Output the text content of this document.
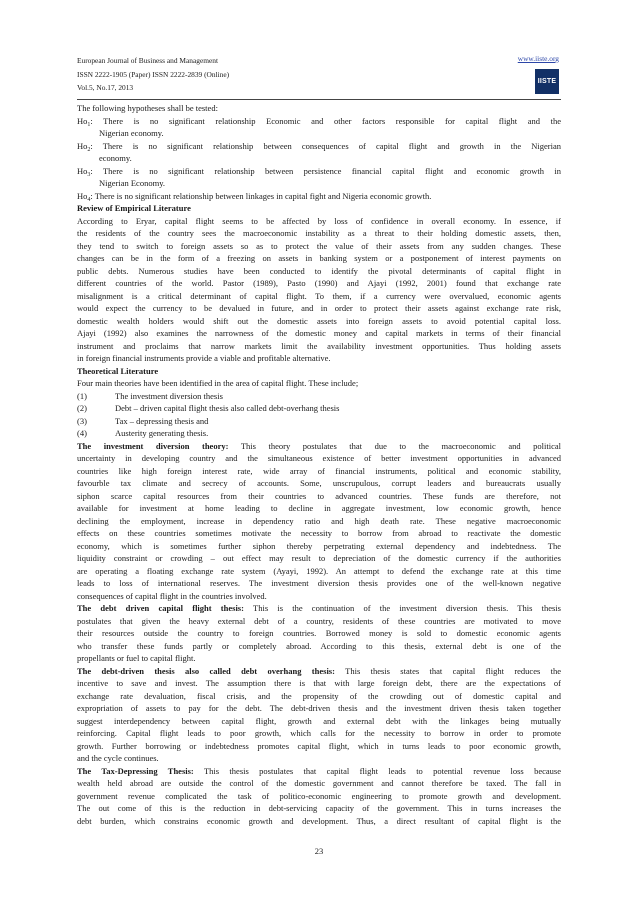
European Journal of Business and Management
ISSN 2222-1905 (Paper) ISSN 2222-2839 (Online)
Vol.5, No.17, 2013
www.iiste.org
IISTE
The following hypotheses shall be tested:
$Ho_1$: There is no significant relationship Economic and other factors responsible for capital flight and the
Nigerian economy.
$Ho_2$: There is no significant relationship between consequences of capital flight and growth in the Nigerian
economy.
$Ho_3$: There is no significant relationship between persistence financial capital flight and economic growth in
Nigerian Economy.
$Ho_4$: There is no significant relationship between linkages in capital fight and Nigeria economic growth.
Review of Empirical Literature
According to Eryar, capital flight seems to be affected by loss of confidence in overall economy. In essence, if
the residents of the country sees the macroeconomic instability as a threat to their holding domestic assets, then,
they tend to switch to foreign assets so as to protect the value of their assets from any sudden changes. These
changes can be in the form of a freezing on assets in banking system or a postponement of interest payments on
public debts. Numerous studies have been conducted to identify the pivotal determinants of capital flight in
different countries of the world. Pastor (1989), Pasto (1990) and Ajayi (1992, 2001) found that exchange rate
misalignment is a critical determinant of capital flight. To them, if a currency were overvalued, economic agents
would expect the currency to be devalued in future, and in order to protect their assets against exchange rate risk,
domestic wealth holders would shift out the domestic assets into foreign assets to avoid potential capital loss.
Ajayi (1992) also examines the narrowness of the domestic money and capital markets in terms of their financial
instrument and proclaims that narrow markets limit the availability investment opportunities. Thus holding assets
in foreign financial instruments provide a viable and profitable alternative.
Theoretical Literature
Four main theories have been identified in the area of capital flight. These include;
(1)	The investment diversion thesis
(2)	Debt – driven capital flight thesis also called debt-overhang thesis
(3)	Tax – depressing thesis and
(4)	Austerity generating thesis.
The investment diversion theory: This theory postulates that due to the macroeconomic and political
uncertainty in developing country and the simultaneous existence of better investment opportunities in advanced
countries like high foreign interest rate, wide array of financial instruments, political and economic stability,
favourble tax climate and secrecy of accounts. Some, unscrupulous, corrupt leaders and bureaucrats usually
siphon scarce capital resources from their countries to advanced countries. These funds are therefore, not
available for investment at home leading to decline in aggregate investment, low economic growth, hence
declining the employment, increase in dependency ratio and high death rate. These negative macroeconomic
effects on these countries sometimes motivate the necessity to borrow from abroad to reactivate the domestic
economy, which is sometimes further siphon thereby perpetrating external dependency and indebtedness. The
liquidity constraint or crowding – out effect may result to depreciation of the domestic currency if the authorities
are operating a floating exchange rate system (Ayayi, 1992). An attempt to defend the exchange rate at this time
leads to loss of international reserves. The investment diversion thesis provides one of the well-known negative
consequences of capital flight in the countries involved.
The debt driven capital flight thesis: This is the continuation of the investment diversion thesis. This thesis
postulates that given the heavy external debt of a country, residents of these countries are motivated to move
their resources outside the country to foreign countries. Borrowed money is sold to domestic economic agents
who transfer these funds partly or completely abroad. According to this thesis, external debt is one of the
propellants or fuel to capital flight.
The debt-driven thesis also called debt overhang thesis: This thesis states that capital flight reduces the
incentive to save and invest. The assumption there is that with large foreign debt, there are the expectations of
exchange rate devaluation, fiscal crisis, and the propensity of the crowding out of domestic capital and
expropriation of assets to pay for the debt. The debt-driven thesis and the investment driven thesis taken together
suggest interdependency between capital flight, growth and external debt with the linkages being mutually
reinforcing. Capital flight leads to poor growth, which calls for the necessity to borrow in order to promote
growth. Further borrowing or indebtedness promotes capital flight, which in turns leads to poor economic growth,
and the cycle continues.
The Tax-Depressing Thesis: This thesis postulates that capital flight leads to potential revenue loss because
wealth held abroad are outside the control of the domestic government and cannot therefore be taxed. The fall in
government revenue complicated the task of politico-economic engineering to promote growth and development.
The out come of this is the reduction in debt-servicing capacity of the government. This in turns increases the
debt burden, which constrains economic growth and development. Thus, a direct resultant of capital flight is the
23
